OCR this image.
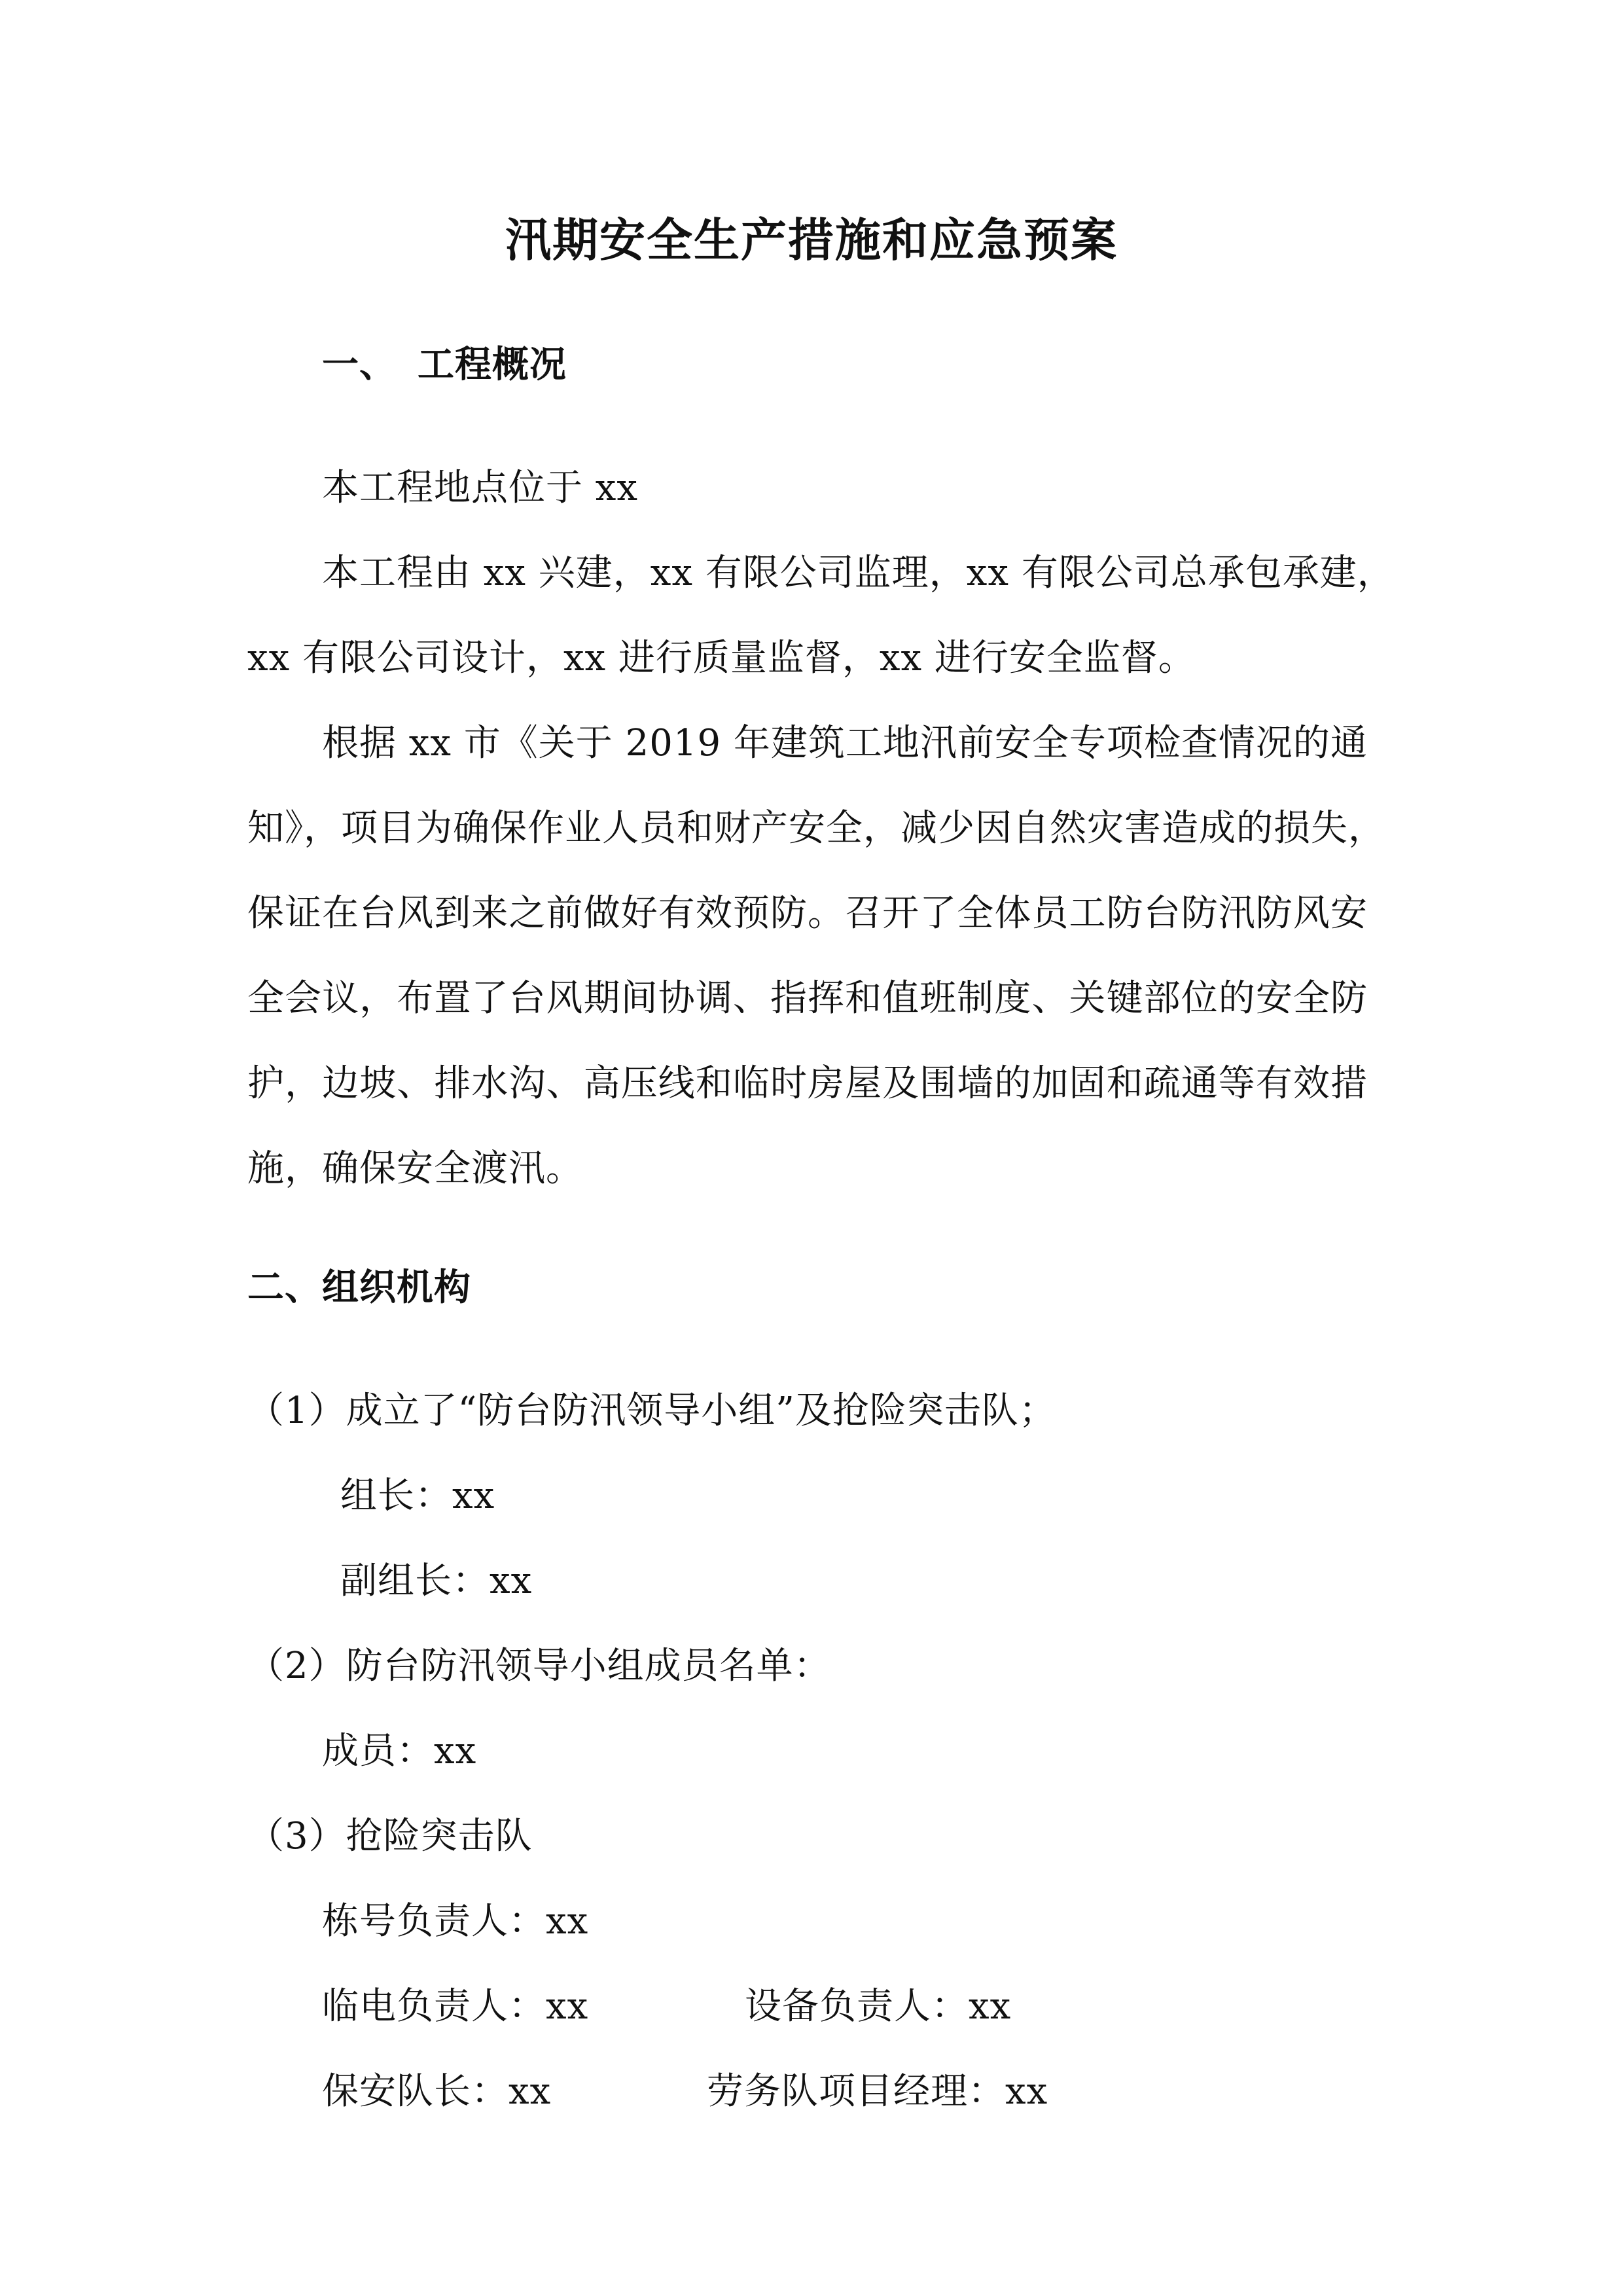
汛期安全生产措施和应急预案
一、 工程概况
本工程地点位于 xx
本工程由 xx 兴建，xx 有限公司监理，xx 有限公司总承包承建，
xx 有限公司设计，xx 进行质量监督，xx 进行安全监督。
根据 xx 市《关于 2019 年建筑工地汛前安全专项检查情况的通
知》，项目为确保作业人员和财产安全，减少因自然灾害造成的损失，
保证在台风到来之前做好有效预防。召开了全体员工防台防汛防风安
全会议，布置了台风期间协调、指挥和值班制度、关键部位的安全防
护，边坡、排水沟、高压线和临时房屋及围墙的加固和疏通等有效措
施，确保安全渡汛。
二、组织机构
（1）成立了“防台防汛领导小组”及抢险突击队；
组长：xx
副组长：xx
（2）防台防汛领导小组成员名单：
成员：xx
（3）抢险突击队
栋号负责人：xx
临电负责人：xx	设备负责人：xx
保安队长：xx	劳务队项目经理：xx
